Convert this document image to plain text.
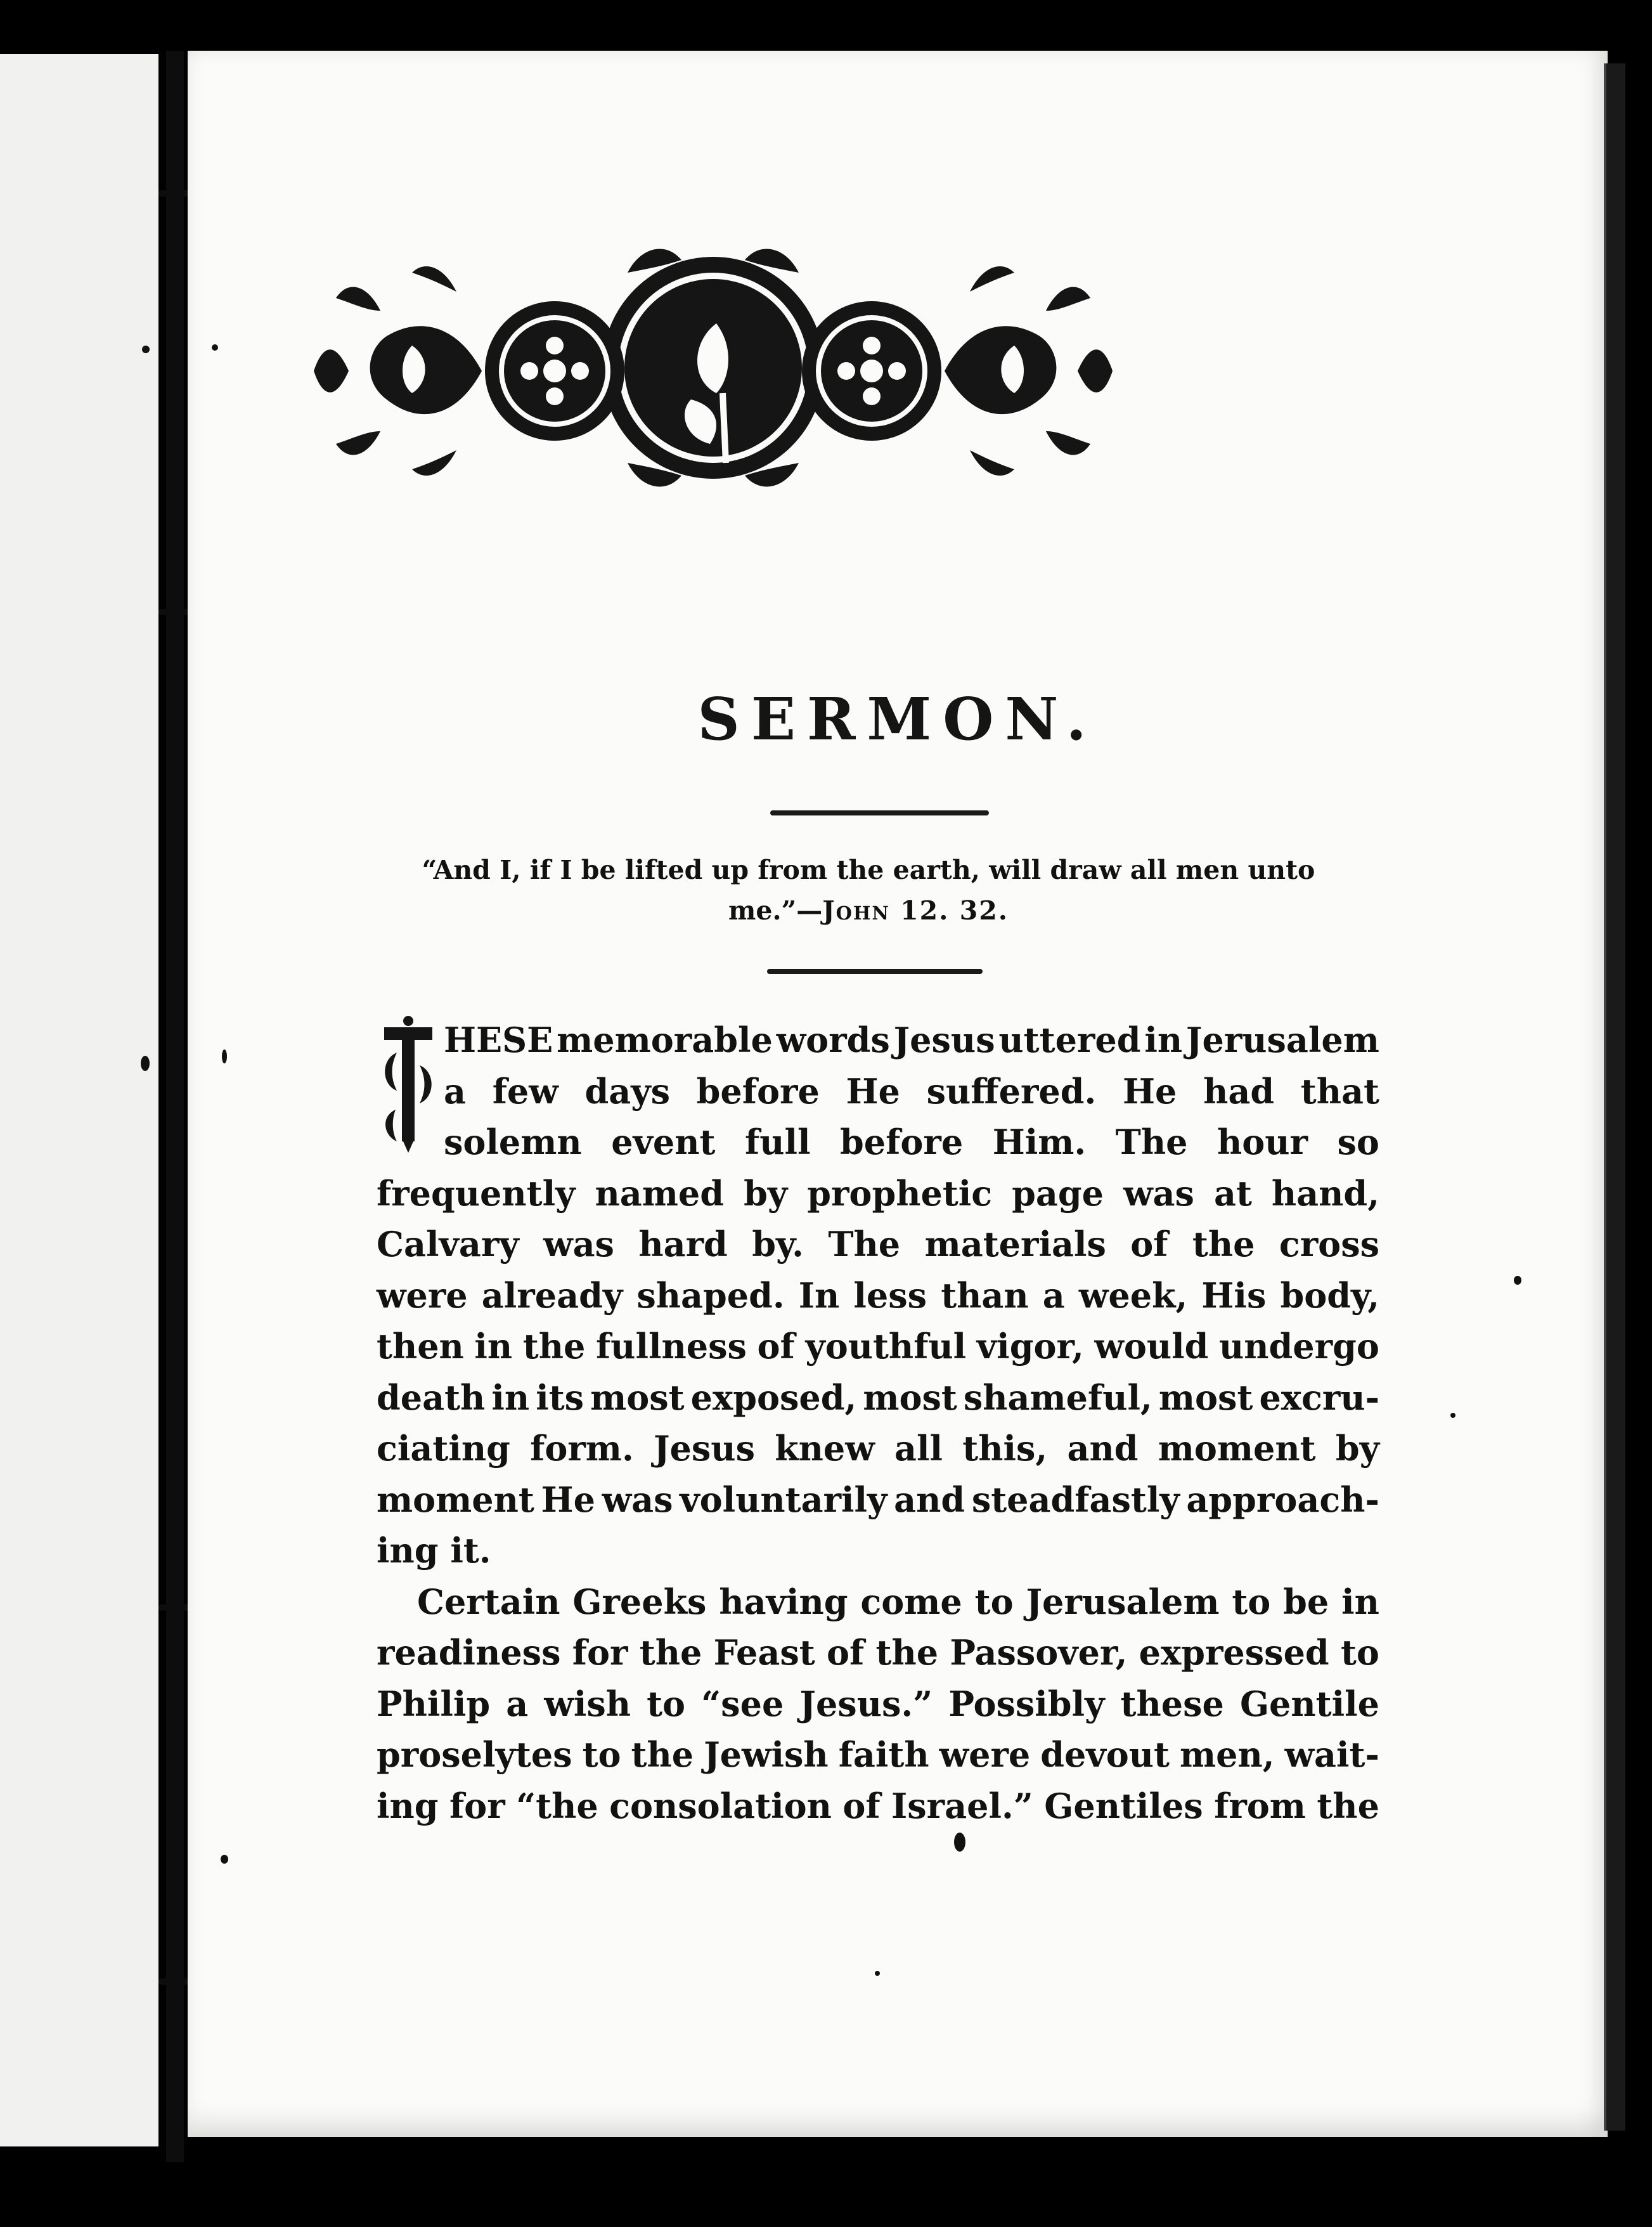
SERMON.
“And I, if I be lifted up from the earth, will draw all men unto
me.”—John 12. 32.
HESE memorable words Jesus uttered in Jerusalem
a few days before He suffered. He had that
solemn event full before Him. The hour so
frequently named by prophetic page was at hand,
Calvary was hard by. The materials of the cross
were already shaped. In less than a week, His body,
then in the fullness of youthful vigor, would undergo
death in its most exposed, most shameful, most excru-
ciating form. Jesus knew all this, and moment by
moment He was voluntarily and steadfastly approach-
ing it.
Certain Greeks having come to Jerusalem to be in
readiness for the Feast of the Passover, expressed to
Philip a wish to “see Jesus.” Possibly these Gentile
proselytes to the Jewish faith were devout men, wait-
ing for “the consolation of Israel.” Gentiles from the
